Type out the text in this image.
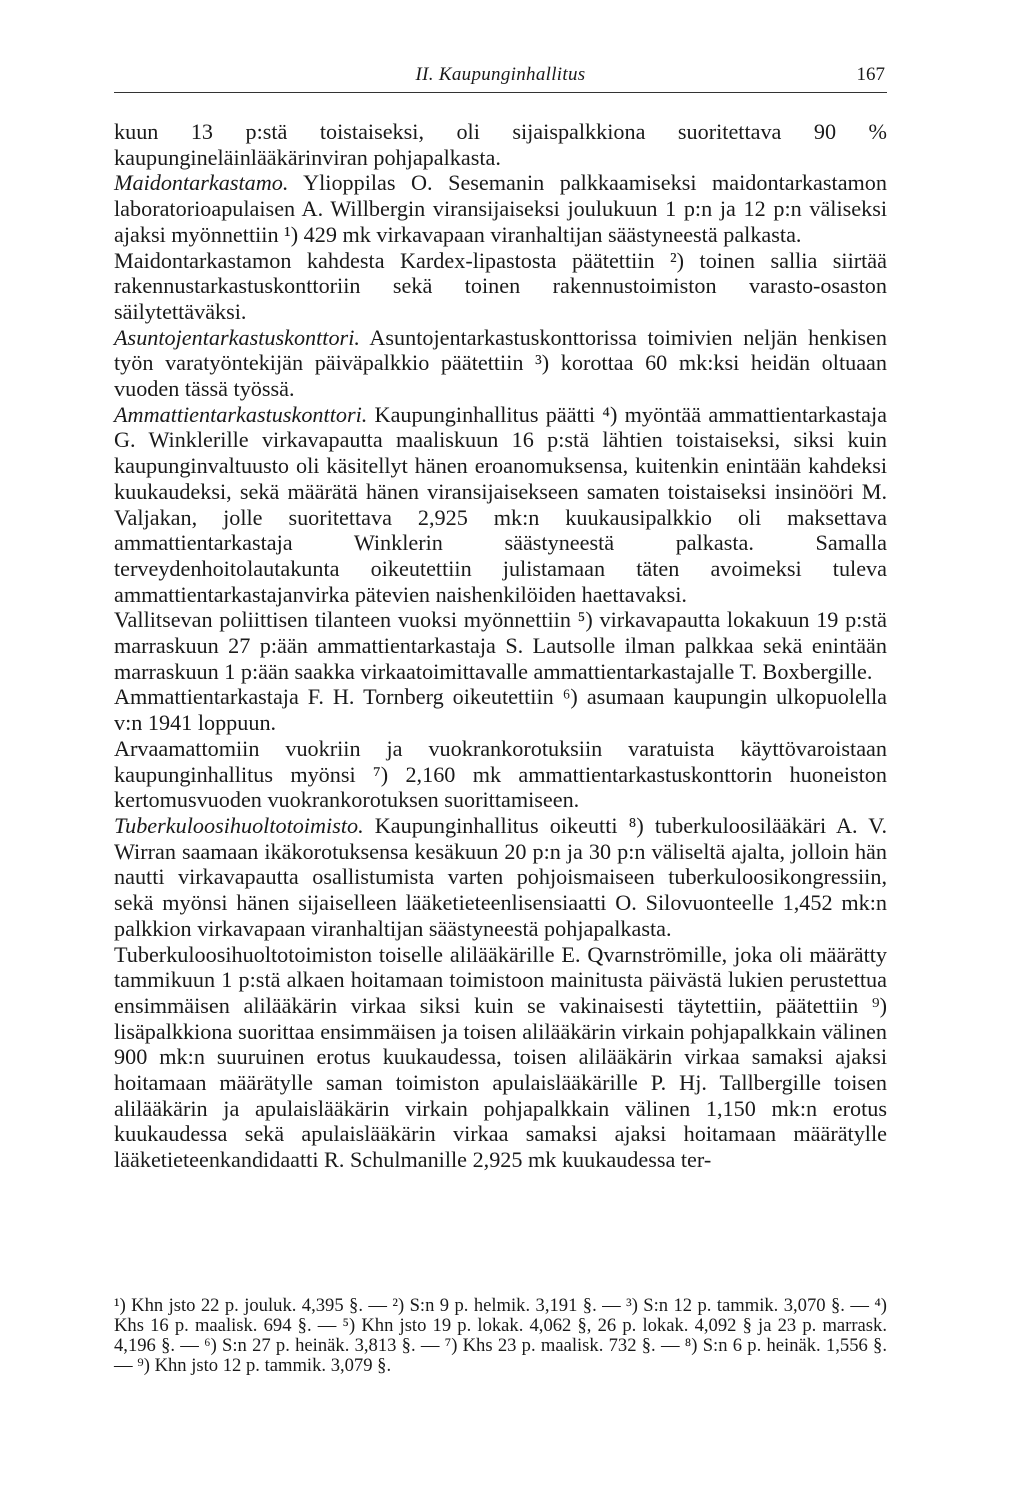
II. Kaupunginhallitus	167

kuun 13 p:stä toistaiseksi, oli sijaispalkkiona suoritettava 90 % kaupungineläinlääkärinviran pohjapalkasta.

Maidontarkastamo. Ylioppilas O. Sesemanin palkkaamiseksi maidontarkastamon laboratorioapulaisen A. Willbergin viransijaiseksi joulukuun 1 p:n ja 12 p:n väliseksi ajaksi myönnettiin ¹) 429 mk virkavapaan viranhaltijan säästyneestä palkasta.

Maidontarkastamon kahdesta Kardex-lipastosta päätettiin ²) toinen sallia siirtää rakennustarkastuskonttoriin sekä toinen rakennustoimiston varasto-osaston säilytettäväksi.

Asuntojentarkastuskonttori. Asuntojentarkastuskonttorissa toimivien neljän henkisen työn varatyöntekijän päiväpalkkio päätettiin ³) korottaa 60 mk:ksi heidän oltuaan vuoden tässä työssä.

Ammattientarkastuskonttori. Kaupunginhallitus päätti ⁴) myöntää ammattientarkastaja G. Winklerille virkavapautta maaliskuun 16 p:stä lähtien toistaiseksi, siksi kuin kaupunginvaltuusto oli käsitellyt hänen eroanomuksensa, kuitenkin enintään kahdeksi kuukaudeksi, sekä määrätä hänen viransijaisekseen samaten toistaiseksi insinööri M. Valjakan, jolle suoritettava 2,925 mk:n kuukausipalkkio oli maksettava ammattientarkastaja Winklerin säästyneestä palkasta. Samalla terveydenhoitolautakunta oikeutettiin julistamaan täten avoimeksi tuleva ammattientarkastajanvirka pätevien naishenkilöiden haettavaksi.

Vallitsevan poliittisen tilanteen vuoksi myönnettiin ⁵) virkavapautta lokakuun 19 p:stä marraskuun 27 p:ään ammattientarkastaja S. Lautsolle ilman palkkaa sekä enintään marraskuun 1 p:ään saakka virkaatoimittavalle ammattientarkastajalle T. Boxbergille.

Ammattientarkastaja F. H. Tornberg oikeutettiin ⁶) asumaan kaupungin ulkopuolella v:n 1941 loppuun.

Arvaamattomiin vuokriin ja vuokrankorotuksiin varatuista käyttövaroistaan kaupunginhallitus myönsi ⁷) 2,160 mk ammattientarkastuskonttorin huoneiston kertomusvuoden vuokrankorotuksen suorittamiseen.

Tuberkuloosihuoltotoimisto. Kaupunginhallitus oikeutti ⁸) tuberkuloosilääkäri A. V. Wirran saamaan ikäkorotuksensa kesäkuun 20 p:n ja 30 p:n väliseltä ajalta, jolloin hän nautti virkavapautta osallistumista varten pohjoismaiseen tuberkuloosikongressiin, sekä myönsi hänen sijaiselleen lääketieteenlisensiaatti O. Silovuonteelle 1,452 mk:n palkkion virkavapaan viranhaltijan säästyneestä pohjapalkasta.

Tuberkuloosihuoltotoimiston toiselle alilääkärille E. Qvarnströmille, joka oli määrätty tammikuun 1 p:stä alkaen hoitamaan toimistoon mainitusta päivästä lukien perustettua ensimmäisen alilääkärin virkaa siksi kuin se vakinaisesti täytettiin, päätettiin ⁹) lisäpalkkiona suorittaa ensimmäisen ja toisen alilääkärin virkain pohjapalkkain välinen 900 mk:n suuruinen erotus kuukaudessa, toisen alilääkärin virkaa samaksi ajaksi hoitamaan määrätylle saman toimiston apulaislääkärille P. Hj. Tallbergille toisen alilääkärin ja apulaislääkärin virkain pohjapalkkain välinen 1,150 mk:n erotus kuukaudessa sekä apulaislääkärin virkaa samaksi ajaksi hoitamaan määrätylle lääketieteenkandidaatti R. Schulmanille 2,925 mk kuukaudessa ter-

¹) Khn jsto 22 p. jouluk. 4,395 §. — ²) S:n 9 p. helmik. 3,191 §. — ³) S:n 12 p. tammik. 3,070 §. — ⁴) Khs 16 p. maalisk. 694 §. — ⁵) Khn jsto 19 p. lokak. 4,062 §, 26 p. lokak. 4,092 § ja 23 p. marrask. 4,196 §. — ⁶) S:n 27 p. heinäk. 3,813 §. — ⁷) Khs 23 p. maalisk. 732 §. — ⁸) S:n 6 p. heinäk. 1,556 §. — ⁹) Khn jsto 12 p. tammik. 3,079 §.
